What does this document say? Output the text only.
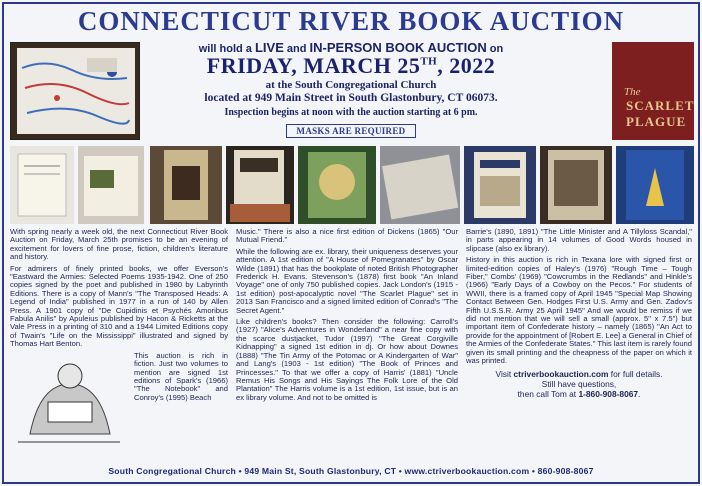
CONNECTICUT RIVER BOOK AUCTION
will hold a LIVE and IN-PERSON BOOK AUCTION on
FRIDAY, MARCH 25TH, 2022
at the South Congregational Church
located at 949 Main Street in South Glastonbury, CT 06073.
Inspection begins at noon with the auction starting at 6 pm.
MASKS ARE REQUIRED
The
SCARLET PLAGUE

With spring nearly a week old, the next Connecticut River Book Auction on Friday, March 25th promises to be an evening of excitement for lovers of fine prose, fiction, children's literature and history.

For admirers of finely printed books, we offer Everson's "Eastward the Armies: Selected Poems 1935-1942. One of 250 copies signed by the poet and published in 1980 by Labyrinth Editions. There is a copy of Mann's "The Transposed Heads: A Legend of India" published in 1977 in a run of 140 by Allen Press. A 1901 copy of "De Cupidinis et Psychés Amoribus Fabula Anilis" by Apuleius published by Hacon & Ricketts at the Vale Press in a printing of 310 and a 1944 Limited Editions copy of Twain's "Life on the Mississippi" illustrated and signed by Thomas Hart Benton.

This auction is rich in fiction. Just two volumes to mention are signed 1st editions of Spark's (1966) "The Notebook" and Conroy's (1995) Beach

Music." There is also a nice first edition of Dickens (1865) "Our Mutual Friend."

While the following are ex. library, their uniqueness deserves your attention. A 1st edition of "A House of Pomegranates" by Oscar Wilde (1891) that has the bookplate of noted British Photographer Frederick H. Evans. Stevenson's (1878) first book "An Inland Voyage" one of only 750 published copies. Jack London's (1915 - 1st edition) post-apocalyptic novel "The Scarlet Plague" set in 2013 San Francisco and a signed limited edition of Conrad's "The Secret Agent."

Like children's books? Then consider the following: Carroll's (1927) "Alice's Adventures in Wonderland" a near fine copy with the scarce dustjacket, Tudor (1997) "The Great Corgiville Kidnapping" a signed 1st edition in dj. Or how about Downes (1888) "The Tin Army of the Potomac or A Kindergarten of War" and Lang's (1903 - 1st edition) "The Book of Princes and Princesses." To that we offer a copy of Harris' (1881) "Uncle Remus His Songs and His Sayings The Folk Lore of the Old Plantation" The Harris volume is a 1st edition, 1st issue, but is an ex library volume. And not to be omitted is

Barrie's (1890, 1891) "The Little Minister and A Tillyloss Scandal," in parts appearing in 14 volumes of Good Words housed in slipcase (also ex library).

History in this auction is rich in Texana lore with signed first or limited-edition copies of Haley's (1976) "Rough Time – Tough Fiber," Combs' (1969) "Cowcrumbs in the Redlands" and Hinkle's (1966) "Early Days of a Cowboy on the Pecos." For students of WWII, there is a framed copy of April 1945 "Special Map Showing Contact Between Gen. Hodges First U.S. Army and Gen. Zadov's Fifth U.S.S.R. Army 25 April 1945" And we would be remiss if we did not mention that we will sell a small (approx. 5" x 7.5") but important item of Confederate history – namely (1865) "An Act to provide for the appointment of [Robert E. Lee] a General in Chief of the Armies of the Confederate States." This last item is rarely found given its small printing and the cheapness of the paper on which it was printed.

Visit ctriverbookauction.com for full details.
Still have questions,
then call Tom at 1-860-908-8067.
South Congregational Church • 949 Main St, South Glastonbury, CT • www.ctriverbookauction.com • 860-908-8067
